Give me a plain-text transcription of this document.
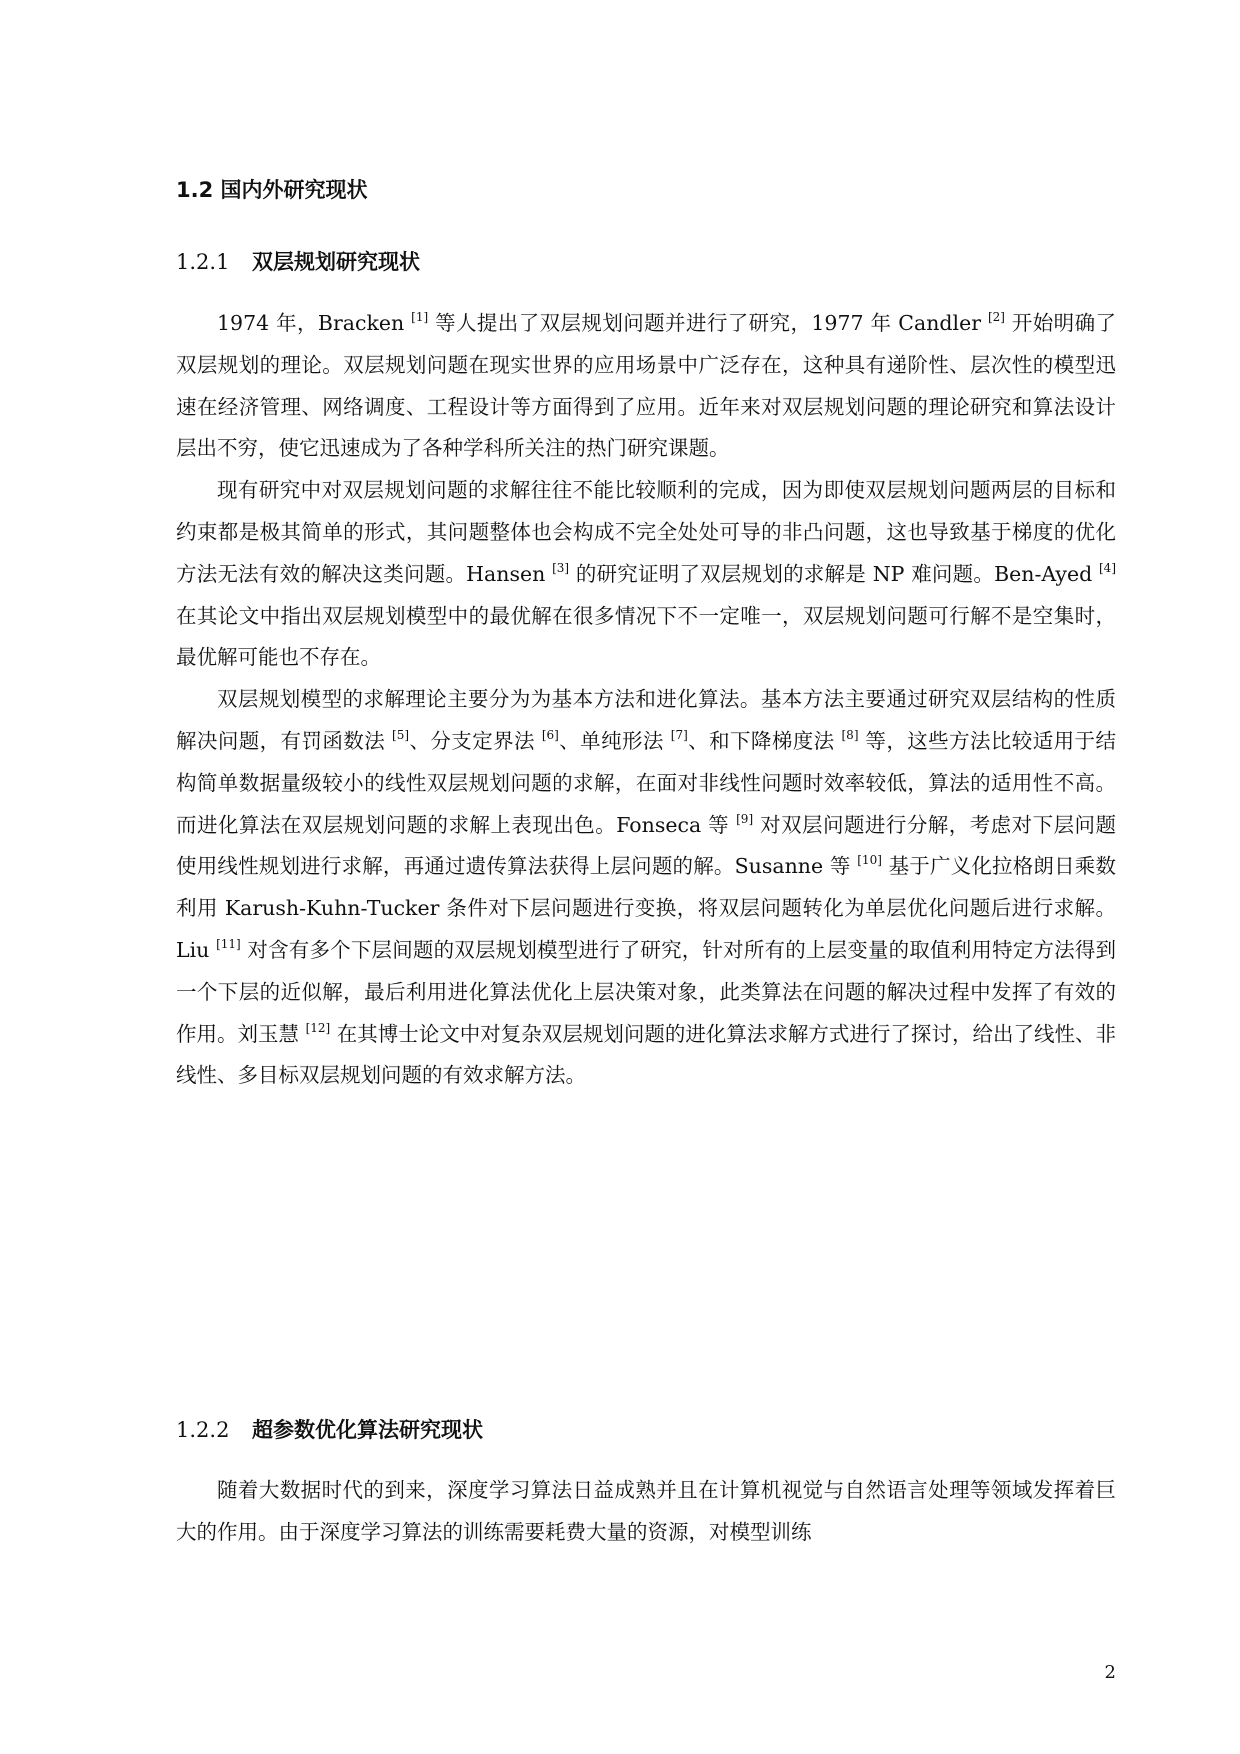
1.2 国内外研究现状
1.2.1 双层规划研究现状

1974 年，Bracken [1] 等人提出了双层规划问题并进行了研究，1977 年 Candler [2] 开始明确了双层规划的理论。双层规划问题在现实世界的应用场景中广泛存在，这种具有递阶性、层次性的模型迅速在经济管理、网络调度、工程设计等方面得到了应用。近年来对双层规划问题的理论研究和算法设计层出不穷，使它迅速成为了各种学科所关注的热门研究课题。

现有研究中对双层规划问题的求解往往不能比较顺利的完成，因为即使双层规划问题两层的目标和约束都是极其简单的形式，其问题整体也会构成不完全处处可导的非凸问题，这也导致基于梯度的优化方法无法有效的解决这类问题。Hansen [3] 的研究证明了双层规划的求解是 NP 难问题。Ben-Ayed [4] 在其论文中指出双层规划模型中的最优解在很多情况下不一定唯一，双层规划问题可行解不是空集时，最优解可能也不存在。

双层规划模型的求解理论主要分为为基本方法和进化算法。基本方法主要通过研究双层结构的性质解决问题，有罚函数法 [5]、分支定界法 [6]、单纯形法 [7]、和下降梯度法 [8] 等，这些方法比较适用于结构简单数据量级较小的线性双层规划问题的求解，在面对非线性问题时效率较低，算法的适用性不高。而进化算法在双层规划问题的求解上表现出色。Fonseca 等 [9] 对双层问题进行分解，考虑对下层问题使用线性规划进行求解，再通过遗传算法获得上层问题的解。Susanne 等 [10] 基于广义化拉格朗日乘数利用 Karush-Kuhn-Tucker 条件对下层问题进行变换，将双层问题转化为单层优化问题后进行求解。Liu [11] 对含有多个下层间题的双层规划模型进行了研究，针对所有的上层变量的取值利用特定方法得到一个下层的近似解，最后利用进化算法优化上层决策对象，此类算法在问题的解决过程中发挥了有效的作用。刘玉慧 [12] 在其博士论文中对复杂双层规划问题的进化算法求解方式进行了探讨，给出了线性、非线性、多目标双层规划问题的有效求解方法。

1.2.2 超参数优化算法研究现状

随着大数据时代的到来，深度学习算法日益成熟并且在计算机视觉与自然语言处理等领域发挥着巨大的作用。由于深度学习算法的训练需要耗费大量的资源，对模型训练

2
